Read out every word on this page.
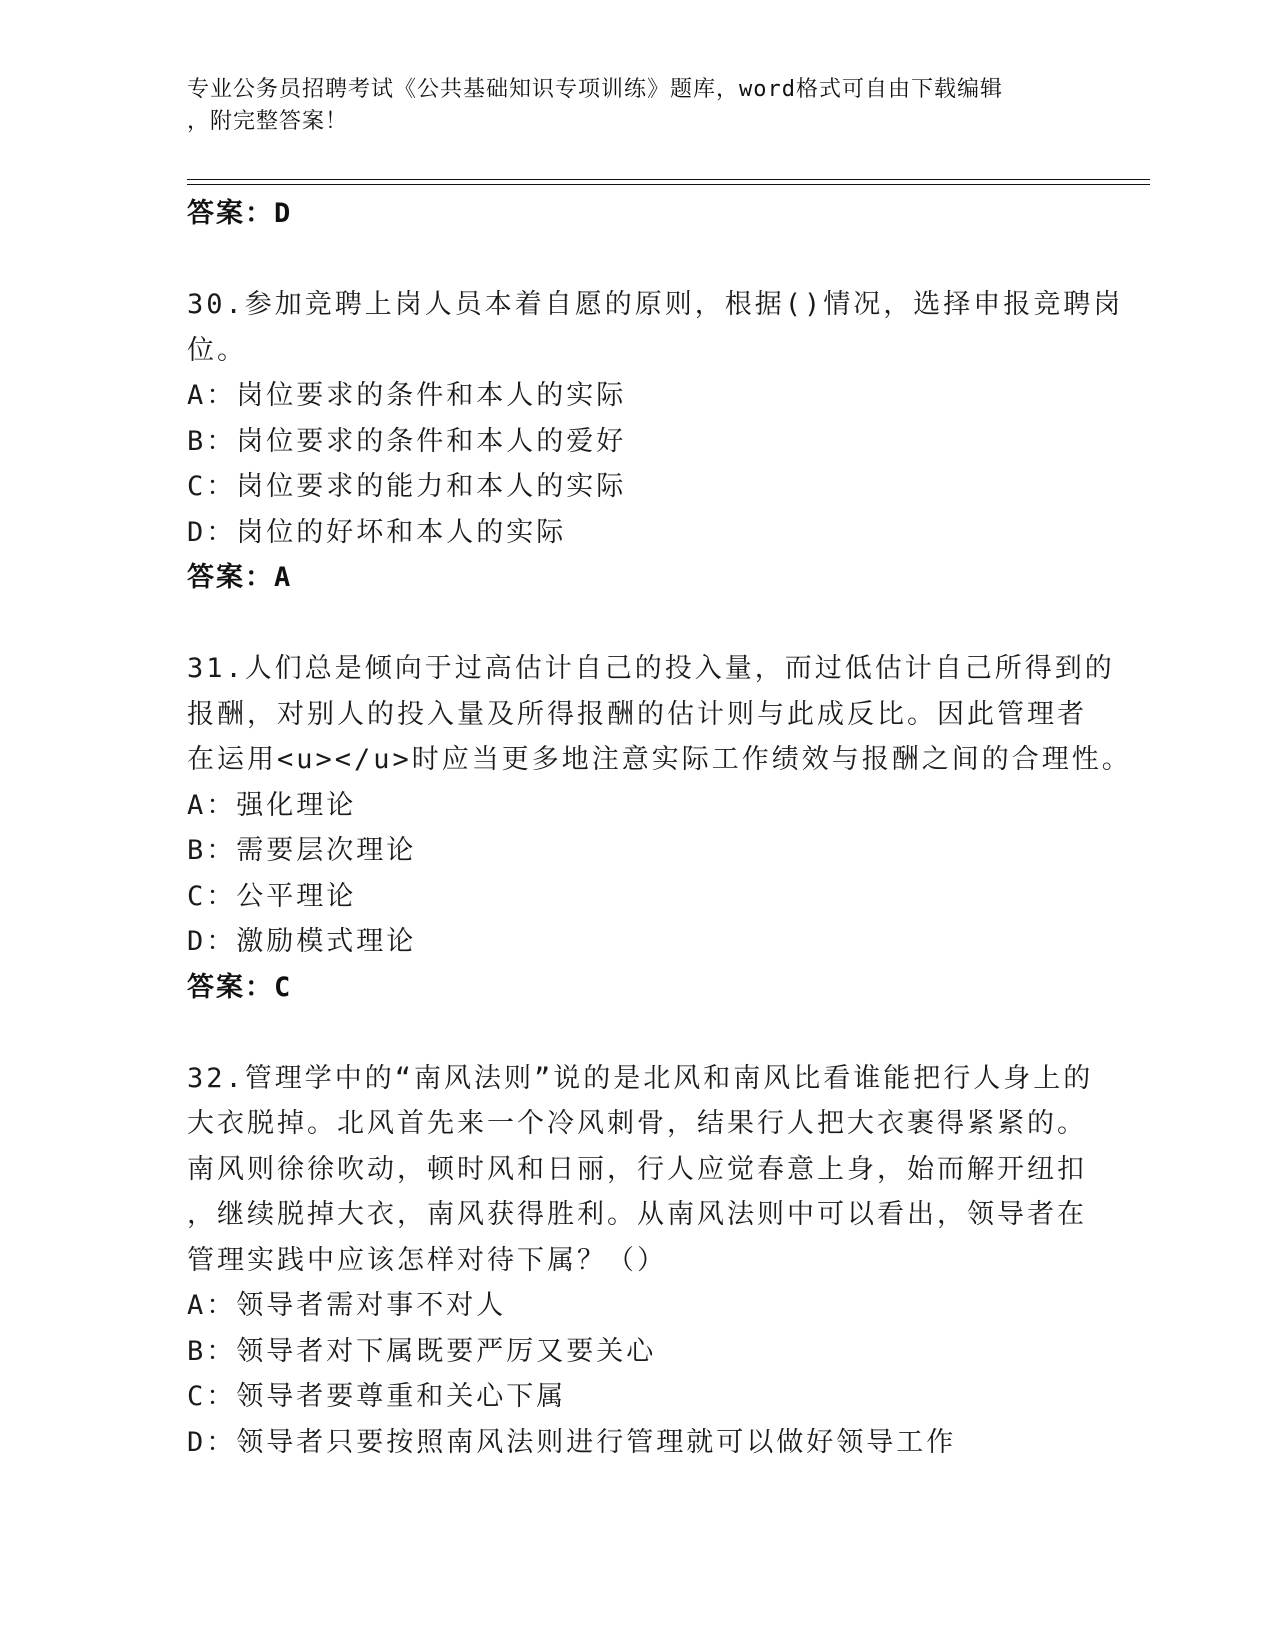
专业公务员招聘考试《公共基础知识专项训练》题库，word格式可自由下载编辑
，附完整答案！
答案：D
30.参加竞聘上岗人员本着自愿的原则，根据()情况，选择申报竞聘岗
位。
A：岗位要求的条件和本人的实际
B：岗位要求的条件和本人的爱好
C：岗位要求的能力和本人的实际
D：岗位的好坏和本人的实际
答案：A
31.人们总是倾向于过高估计自己的投入量，而过低估计自己所得到的
报酬，对别人的投入量及所得报酬的估计则与此成反比。因此管理者
在运用<u></u>时应当更多地注意实际工作绩效与报酬之间的合理性。
A：强化理论
B：需要层次理论
C：公平理论
D：激励模式理论
答案：C
32.管理学中的“南风法则”说的是北风和南风比看谁能把行人身上的
大衣脱掉。北风首先来一个冷风刺骨，结果行人把大衣裹得紧紧的。
南风则徐徐吹动，顿时风和日丽，行人应觉春意上身，始而解开纽扣
，继续脱掉大衣，南风获得胜利。从南风法则中可以看出，领导者在
管理实践中应该怎样对待下属？（）
A：领导者需对事不对人
B：领导者对下属既要严厉又要关心
C：领导者要尊重和关心下属
D：领导者只要按照南风法则进行管理就可以做好领导工作
